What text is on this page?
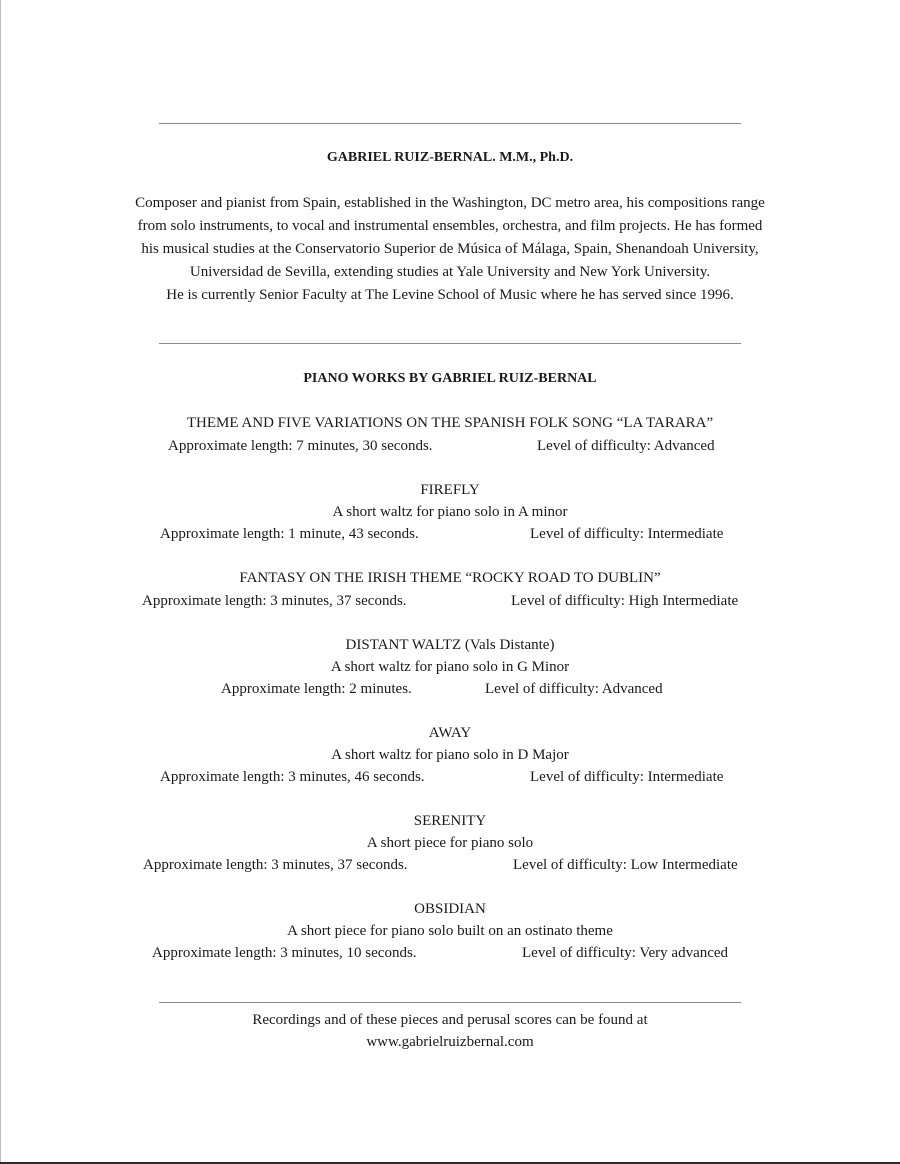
GABRIEL RUIZ-BERNAL. M.M., Ph.D.
Composer and pianist from Spain, established in the Washington, DC metro area, his compositions range
from solo instruments, to vocal and instrumental ensembles, orchestra, and film projects. He has formed
his musical studies at the Conservatorio Superior de Música of Málaga, Spain, Shenandoah University,
Universidad de Sevilla, extending studies at Yale University and New York University.
He is currently Senior Faculty at The Levine School of Music where he has served since 1996.
PIANO WORKS BY GABRIEL RUIZ-BERNAL
THEME AND FIVE VARIATIONS ON THE SPANISH FOLK SONG “LA TARARA”
Approximate length: 7 minutes, 30 seconds.	Level of difficulty: Advanced
FIREFLY
A short waltz for piano solo in A minor
Approximate length: 1 minute, 43 seconds.	Level of difficulty: Intermediate
FANTASY ON THE IRISH THEME “ROCKY ROAD TO DUBLIN”
Approximate length: 3 minutes, 37 seconds.	Level of difficulty: High Intermediate
DISTANT WALTZ (Vals Distante)
A short waltz for piano solo in G Minor
Approximate length: 2 minutes.	Level of difficulty: Advanced
AWAY
A short waltz for piano solo in D Major
Approximate length: 3 minutes, 46 seconds.	Level of difficulty: Intermediate
SERENITY
A short piece for piano solo
Approximate length: 3 minutes, 37 seconds.	Level of difficulty: Low Intermediate
OBSIDIAN
A short piece for piano solo built on an ostinato theme
Approximate length: 3 minutes, 10 seconds.	Level of difficulty: Very advanced
Recordings and of these pieces and perusal scores can be found at
www.gabrielruizbernal.com
